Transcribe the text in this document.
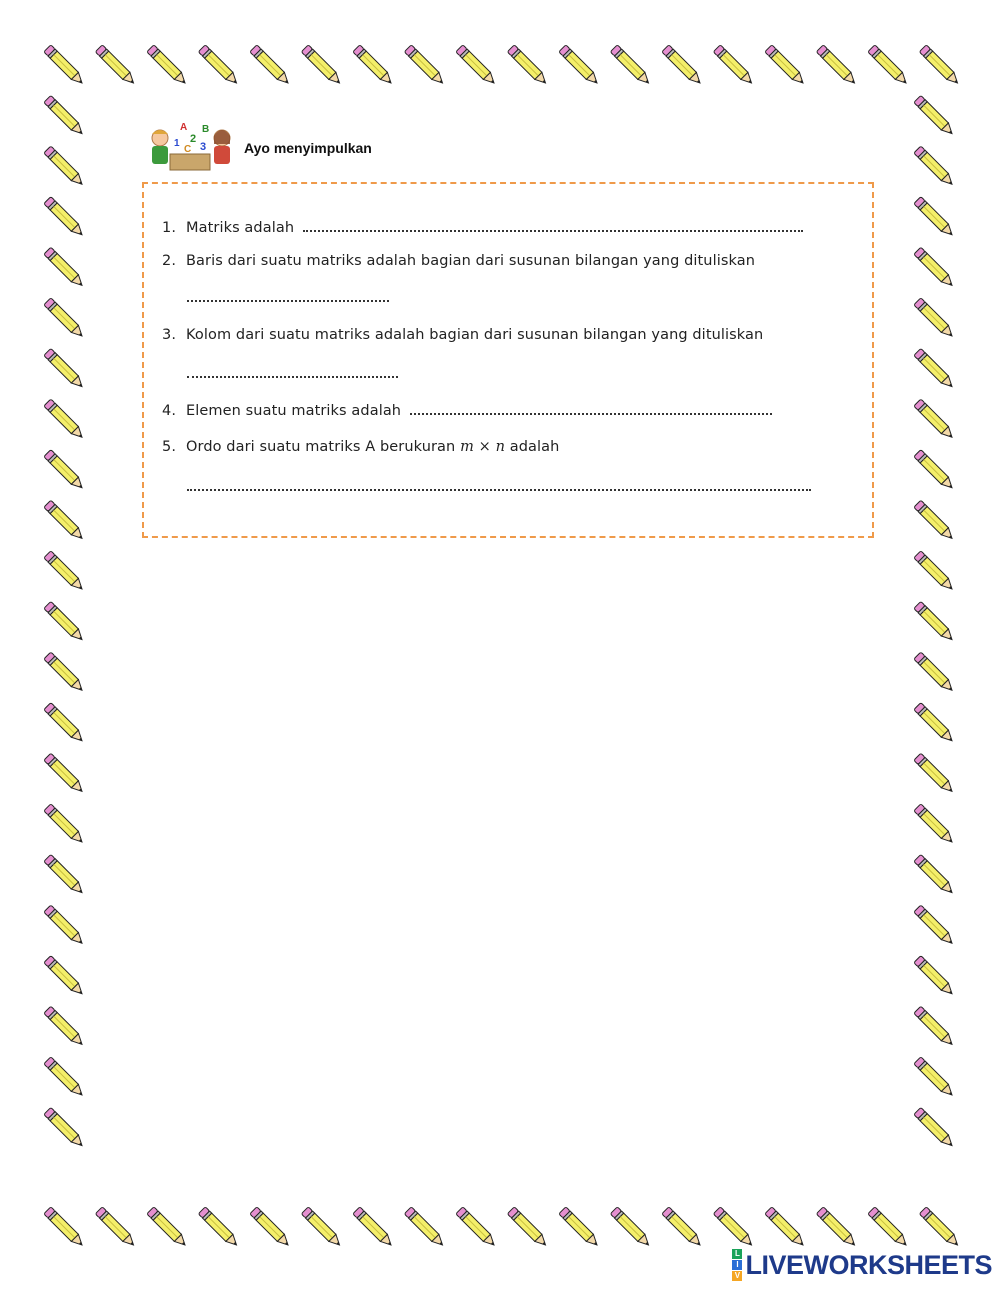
A B
1 2
3
C	Ayo menyimpulkan
1. Matriks adalah
2. Baris dari suatu matriks adalah bagian dari susunan bilangan yang dituliskan
3. Kolom dari suatu matriks adalah bagian dari susunan bilangan yang dituliskan
4. Elemen suatu matriks adalah
5. Ordo dari suatu matriks A berukuran m × n adalah
L
I
V LIVEWORKSHEETS
